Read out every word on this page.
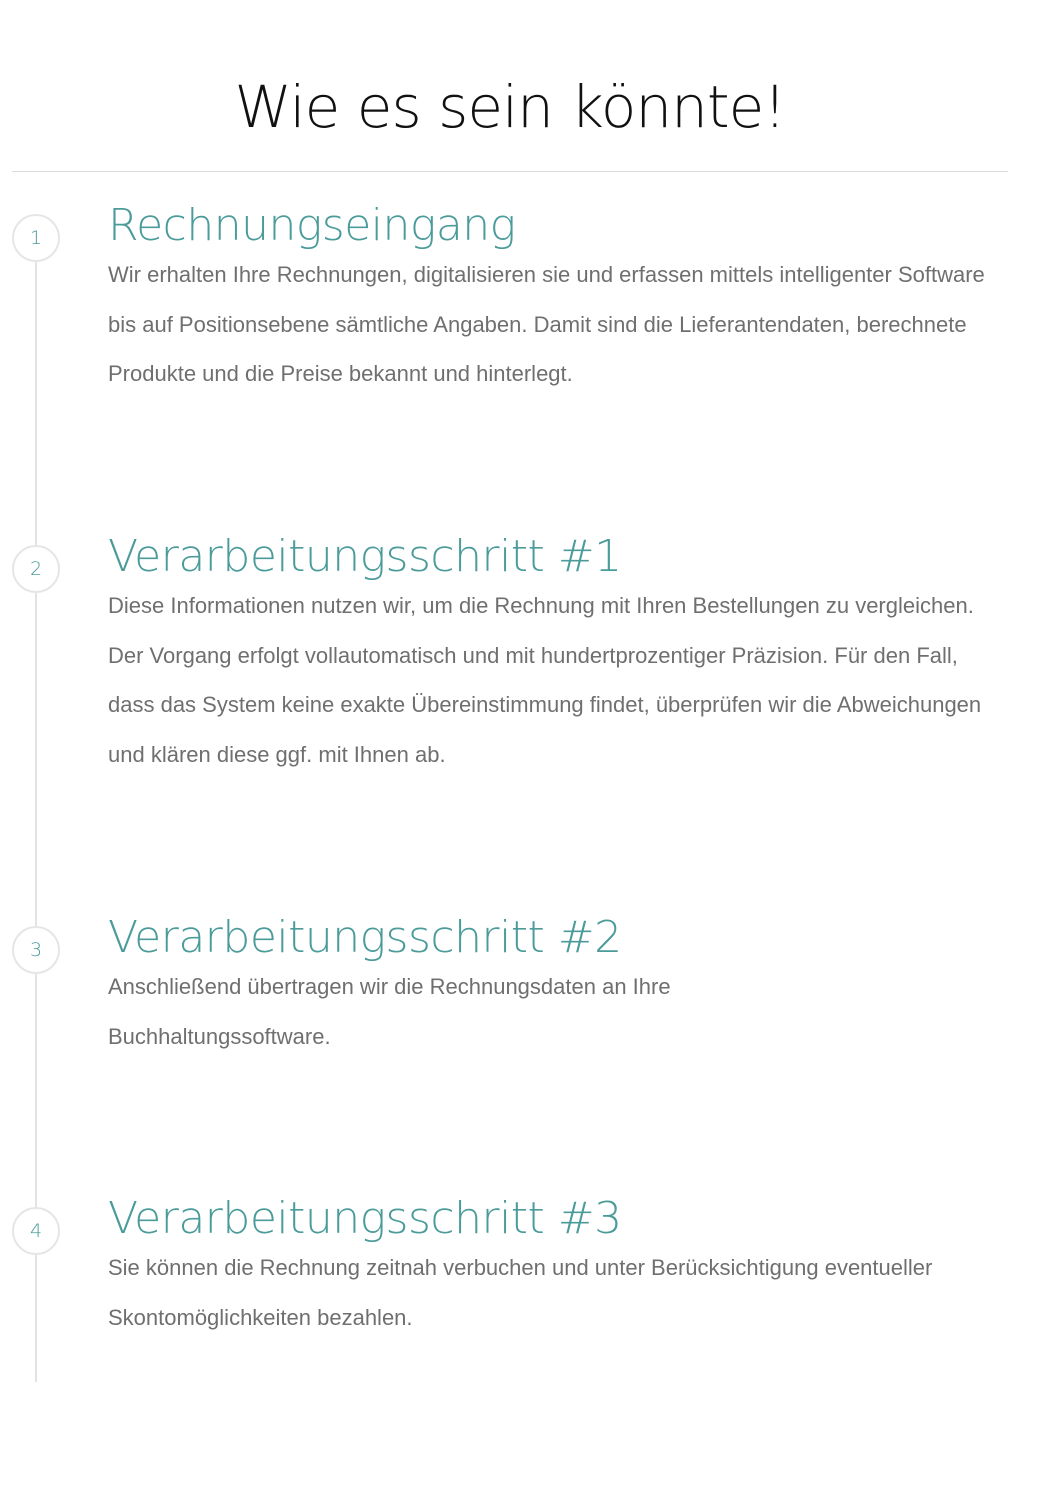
Wie es sein könnte!
1	Rechnungseingang

Wir erhalten Ihre Rechnungen, digitalisieren sie und erfassen mittels intelligenter Software bis auf Positionsebene sämtliche Angaben. Damit sind die Lieferantendaten, berechnete Produkte und die Preise bekannt und hinterlegt.

2	Verarbeitungsschritt #1

Diese Informationen nutzen wir, um die Rechnung mit Ihren Bestellungen zu vergleichen. Der Vorgang erfolgt vollautomatisch und mit hundertprozentiger Präzision. Für den Fall, dass das System keine exakte Übereinstimmung findet, überprüfen wir die Abweichungen und klären diese ggf. mit Ihnen ab.

3	Verarbeitungsschritt #2

Anschließend übertragen wir die Rechnungsdaten an Ihre Buchhaltungssoftware.

4	Verarbeitungsschritt #3

Sie können die Rechnung zeitnah verbuchen und unter Berücksichtigung eventueller Skontomöglichkeiten bezahlen.
